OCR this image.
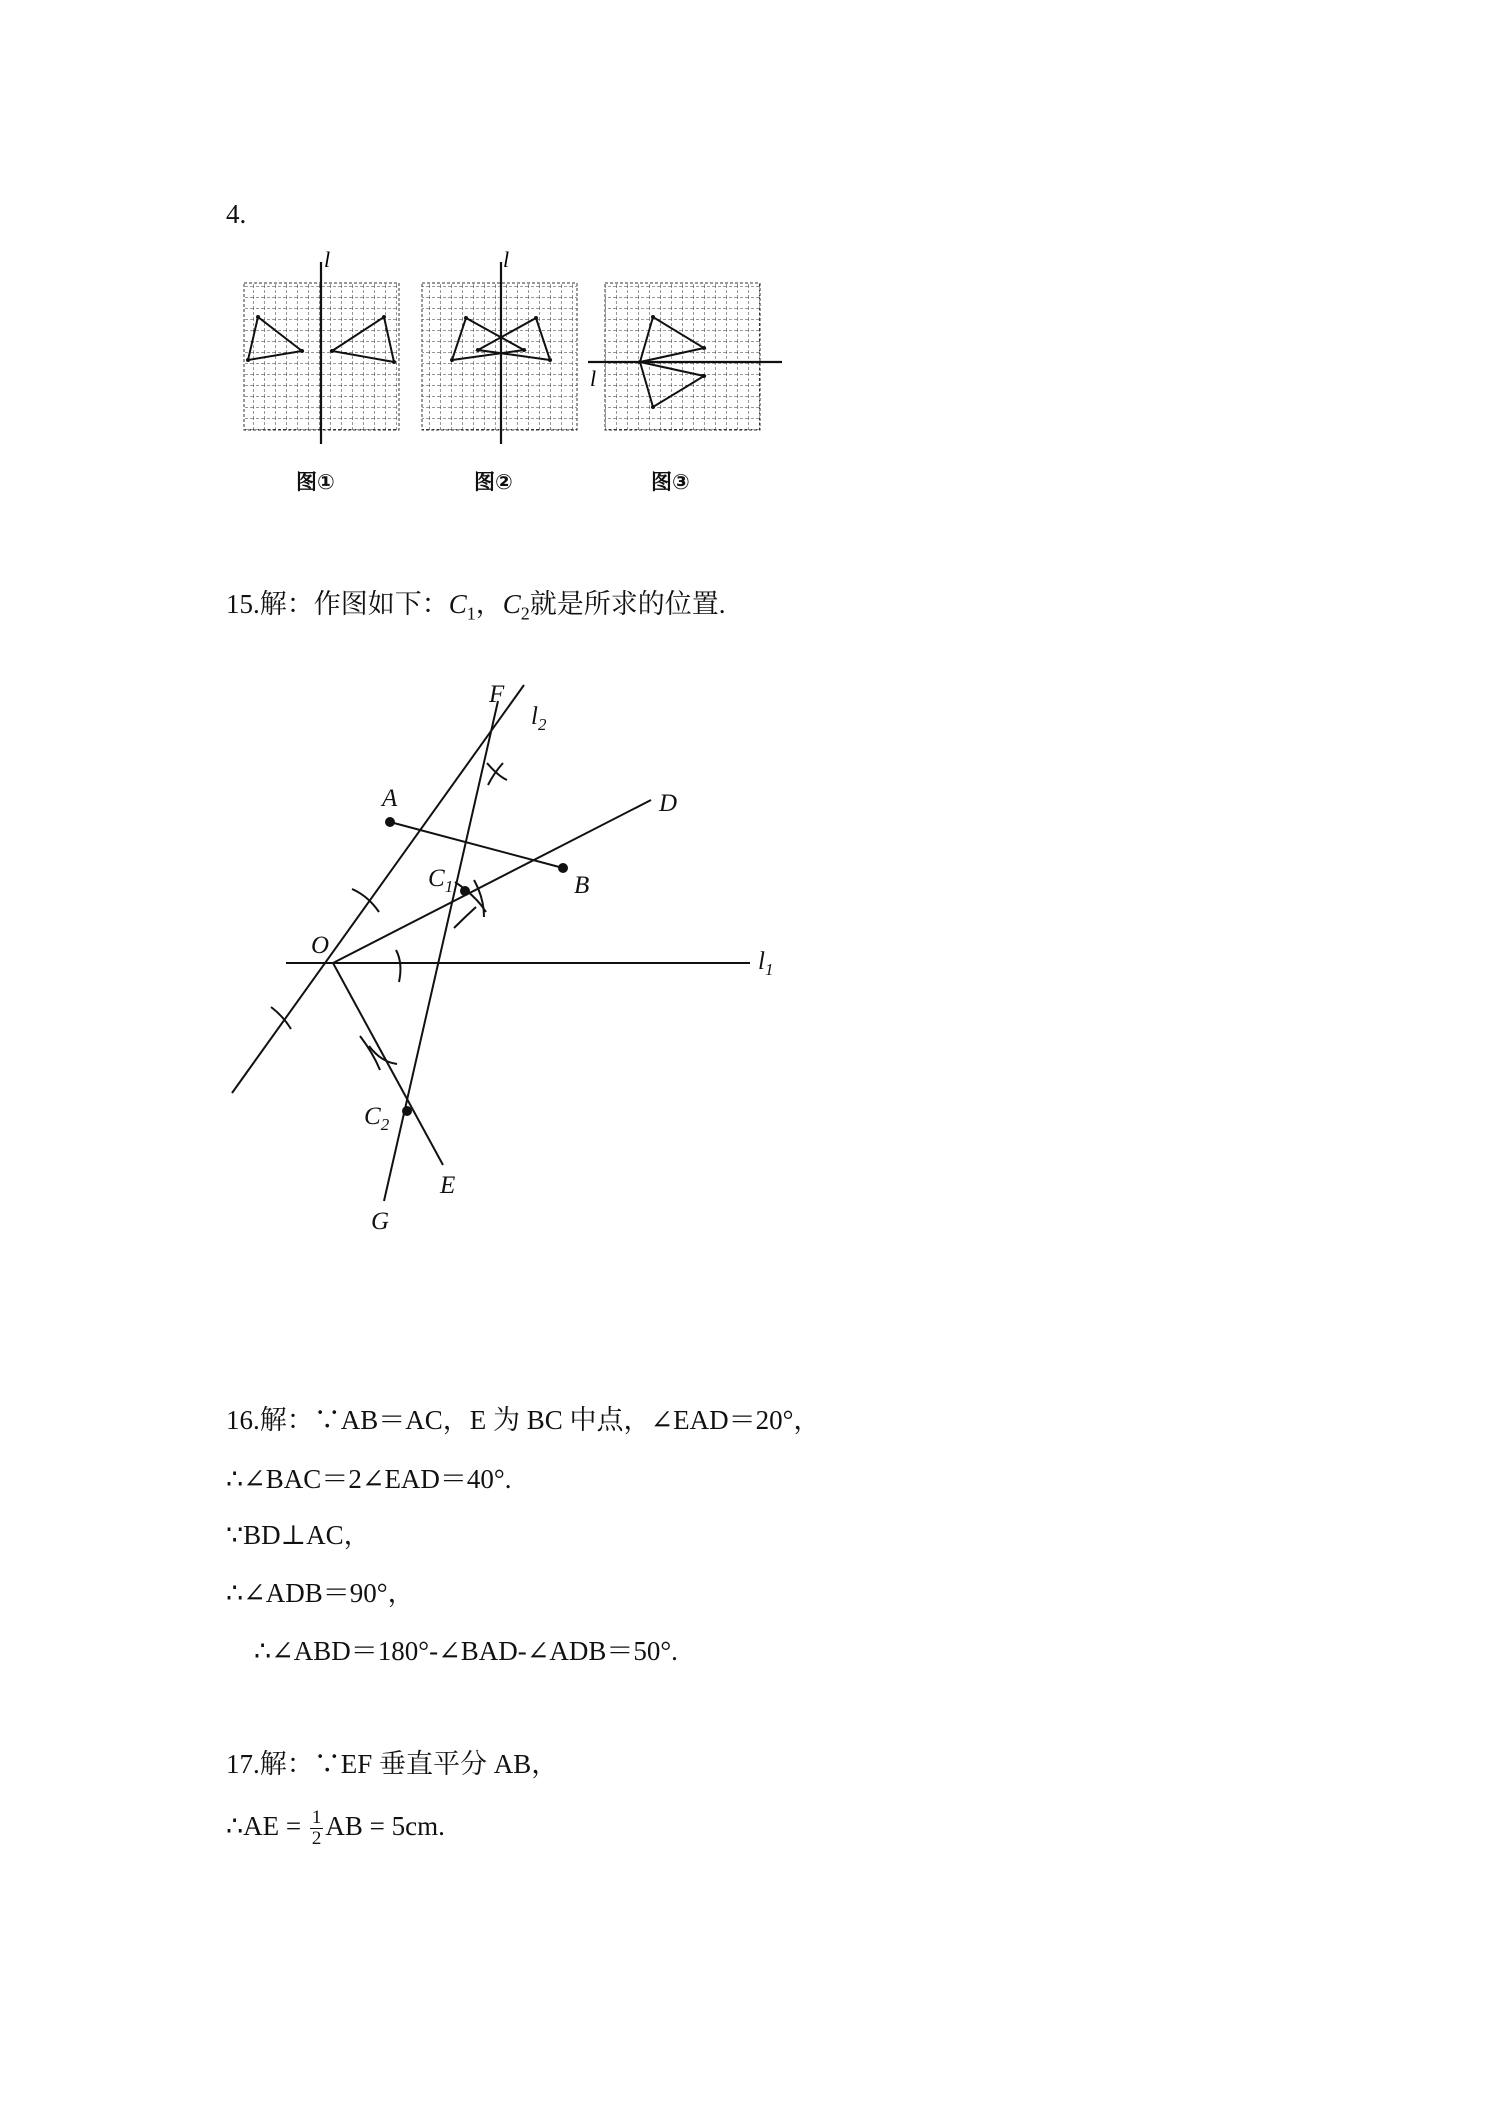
4.
l	l
l
图①	图②	图③
15.解：作图如下：$C_1$，$C_2$就是所求的位置.
F
$l_2$
A	D
B
$C_1$
O
$l_1$
$C_2$
E
G
16.解：∵AB＝AC，E 为 BC 中点，∠EAD＝20°，
∴∠BAC＝2∠EAD＝40°.
∵BD⊥AC，
∴∠ADB＝90°，
∴∠ABD＝180°-∠BAD-∠ADB＝50°.
17.解：∵EF 垂直平分 AB，
∴AE = $\frac{1}{2}$ AB = 5cm.
